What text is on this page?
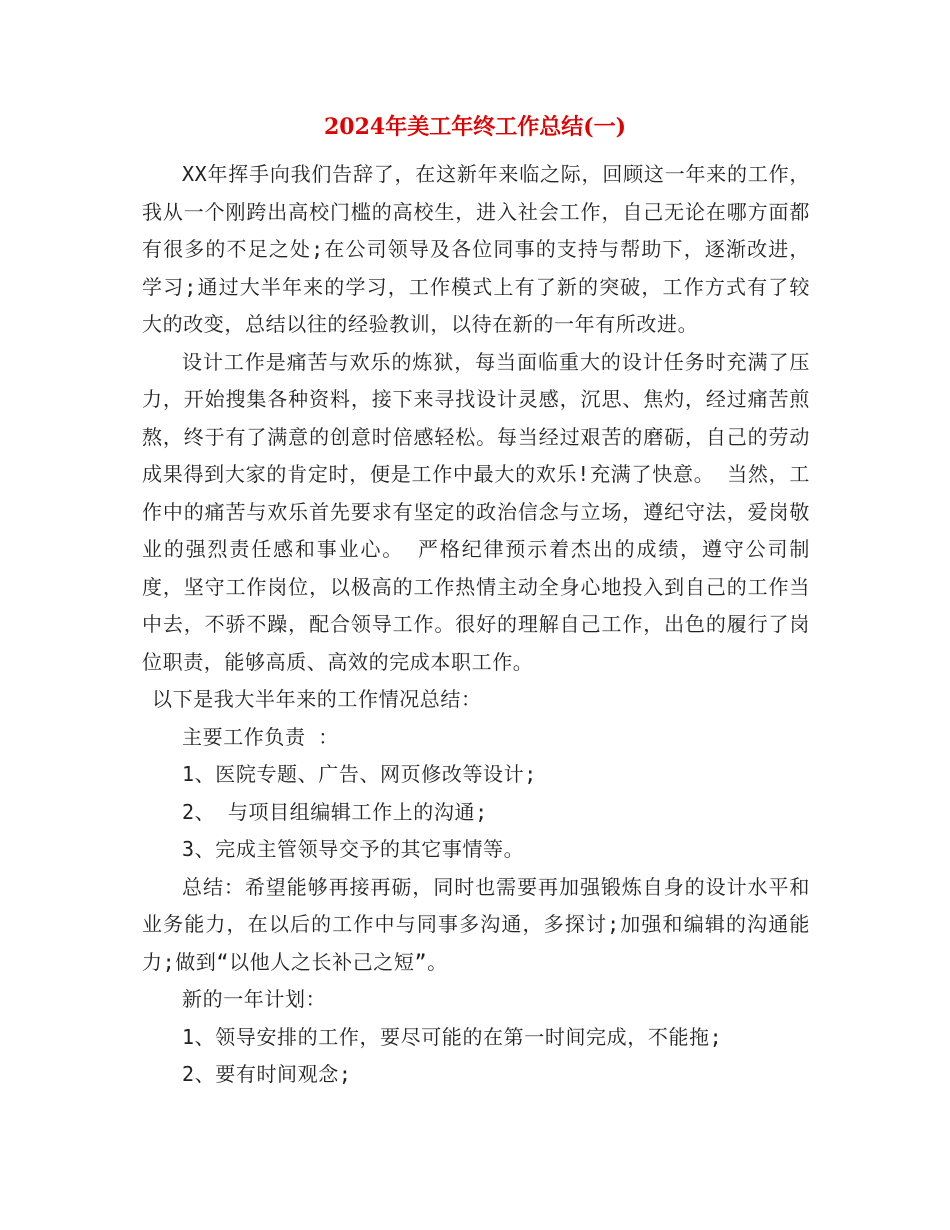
2024年美工年终工作总结(一)

XX年挥手向我们告辞了，在这新年来临之际，回顾这一年来的工作，我从一个刚跨出高校门槛的高校生，进入社会工作，自己无论在哪方面都有很多的不足之处;在公司领导及各位同事的支持与帮助下，逐渐改进，学习;通过大半年来的学习，工作模式上有了新的突破，工作方式有了较大的改变，总结以往的经验教训，以待在新的一年有所改进。

设计工作是痛苦与欢乐的炼狱，每当面临重大的设计任务时充满了压力，开始搜集各种资料，接下来寻找设计灵感，沉思、焦灼，经过痛苦煎熬，终于有了满意的创意时倍感轻松。每当经过艰苦的磨砺，自己的劳动成果得到大家的肯定时，便是工作中最大的欢乐!充满了快意。 当然，工作中的痛苦与欢乐首先要求有坚定的政治信念与立场，遵纪守法，爱岗敬业的强烈责任感和事业心。 严格纪律预示着杰出的成绩，遵守公司制度，坚守工作岗位，以极高的工作热情主动全身心地投入到自己的工作当中去，不骄不躁，配合领导工作。很好的理解自己工作，出色的履行了岗位职责，能够高质、高效的完成本职工作。

以下是我大半年来的工作情况总结：

主要工作负责 ：

1、医院专题、广告、网页修改等设计;

2、 与项目组编辑工作上的沟通;

3、完成主管领导交予的其它事情等。

总结：希望能够再接再砺，同时也需要再加强锻炼自身的设计水平和业务能力，在以后的工作中与同事多沟通，多探讨;加强和编辑的沟通能力;做到“以他人之长补己之短”。

新的一年计划：

1、领导安排的工作，要尽可能的在第一时间完成，不能拖;

2、要有时间观念;
